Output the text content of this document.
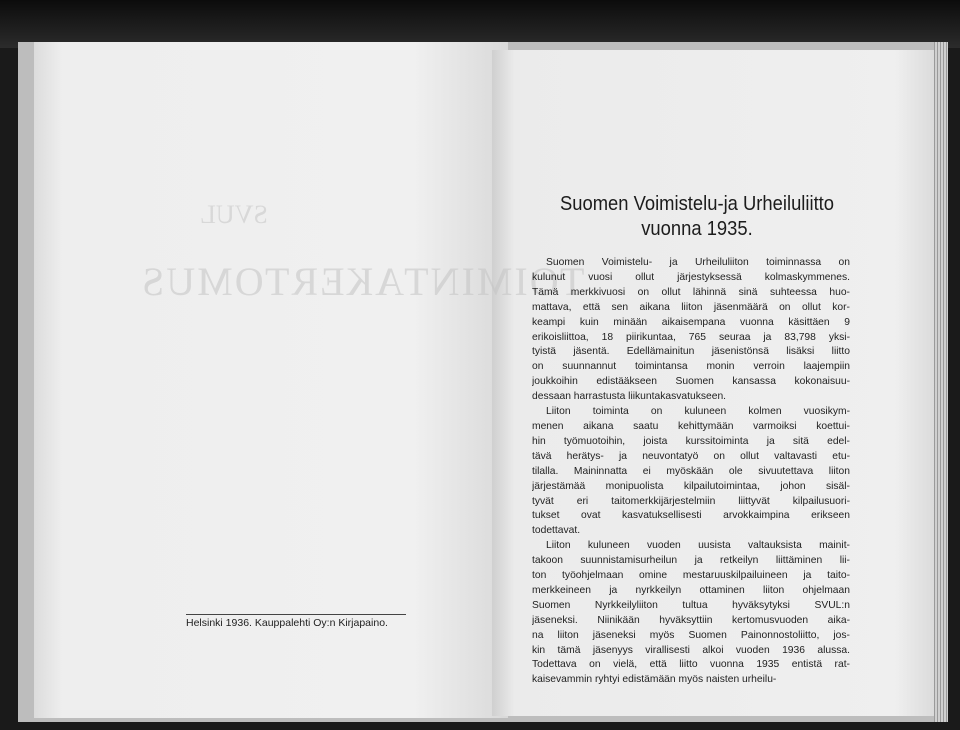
ТОІМINТАКЕRТОМUS
SVUL
Helsinki 1936. Kauppalehti Oy:n Kirjapaino.
Suomen Voimistelu-ja Urheiluliitto
vuonna 1935.

Suomen Voimistelu- ja Urheiluliiton toiminnassa on
kulunut vuosi ollut järjestyksessä kolmaskymmenes.
Tämä merkkivuosi on ollut lähinnä sinä suhteessa huo-
mattava, että sen aikana liiton jäsenmäärä on ollut kor-
keampi kuin minään aikaisempana vuonna käsittäen 9
erikoisliittoa, 18 piirikuntaa, 765 seuraa ja 83,798 yksi-
tyistä jäsentä. Edellämainitun jäsenistönsä lisäksi liitto
on suunnannut toimintansa monin verroin laajempiin
joukkoihin edistääkseen Suomen kansassa kokonaisuu-
dessaan harrastusta liikuntakasvatukseen.

Liiton toiminta on kuluneen kolmen vuosikym-
menen aikana saatu kehittymään varmoiksi koettui-
hin työmuotoihin, joista kurssitoiminta ja sitä edel-
tävä herätys- ja neuvontatyö on ollut valtavasti etu-
tilalla. Maininnatta ei myöskään ole sivuutettava liiton
järjestämää monipuolista kilpailutoimintaa, johon sisäl-
tyvät eri taitomerkkijärjestelmiin liittyvät kilpailusuori-
tukset ovat kasvatuksellisesti arvokkaimpina erikseen
todettavat.

Liiton kuluneen vuoden uusista valtauksista mainit-
takoon suunnistamisurheilun ja retkeilyn liittäminen lii-
ton työohjelmaan omine mestaruuskilpailuineen ja taito-
merkkeineen ja nyrkkeilyn ottaminen liiton ohjelmaan
Suomen Nyrkkeilyliiton tultua hyväksytyksi SVUL:n
jäseneksi. Niinikään hyväksyttiin kertomusvuoden aika-
na liiton jäseneksi myös Suomen Painonnostoliitto, jos-
kin tämä jäsenyys virallisesti alkoi vuoden 1936 alussa.
Todettava on vielä, että liitto vuonna 1935 entistä rat-
kaisevammin ryhtyi edistämään myös naisten urheilu-
